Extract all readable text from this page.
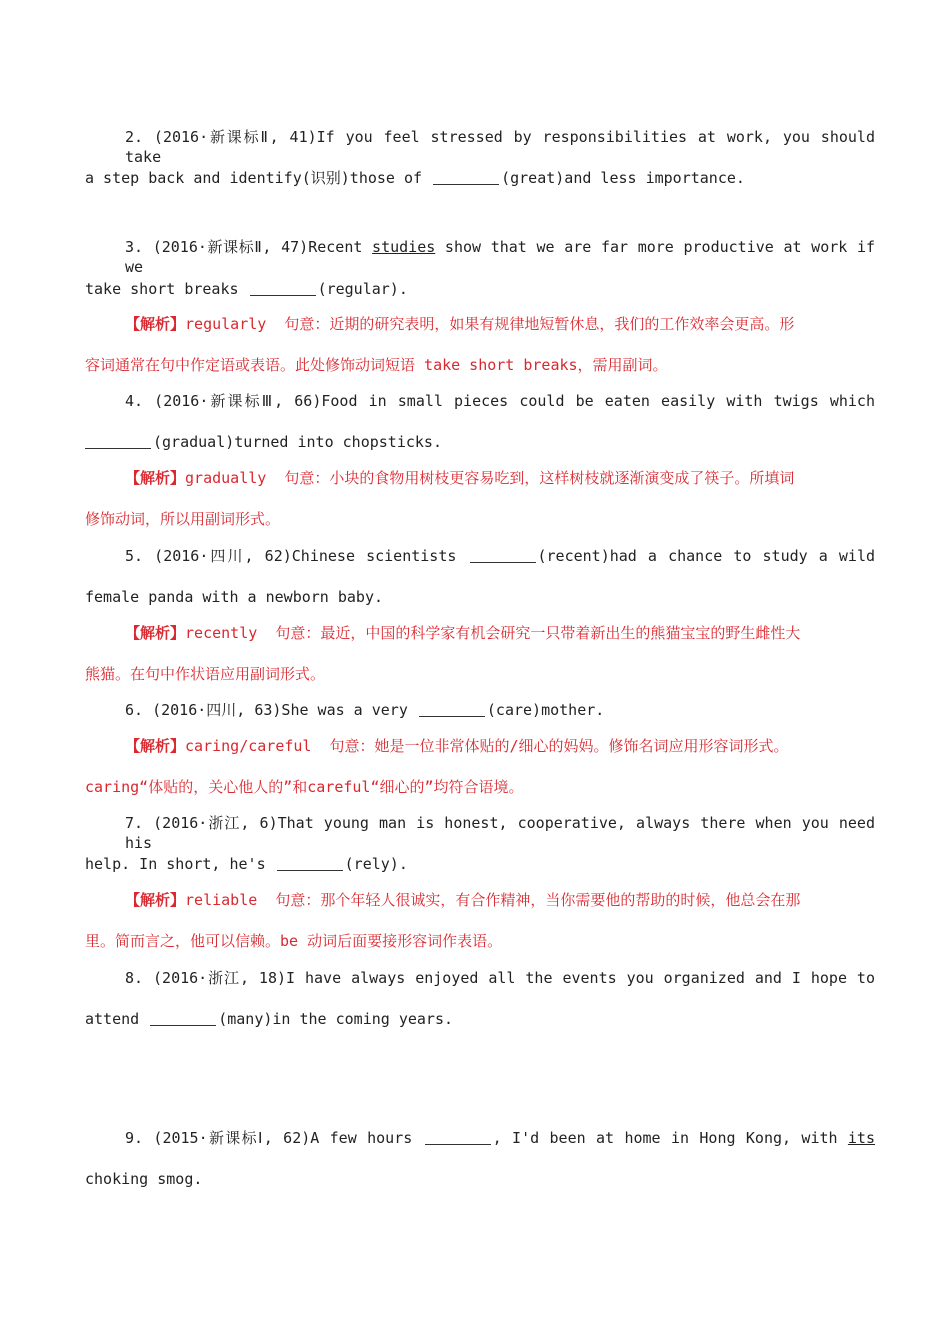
2. (2016·新课标Ⅱ, 41)If you feel stressed by responsibilities at work, you should take
a step back and identify(识别)those of	(great)and less importance.
3. (2016·新课标Ⅱ, 47)Recent studies show that we are far more productive at work if we
take short breaks	(regular).
【解析】regularly  句意：近期的研究表明，如果有规律地短暂休息，我们的工作效率会更高。形
容词通常在句中作定语或表语。此处修饰动词短语 take short breaks，需用副词。
4. (2016·新课标Ⅲ, 66)Food in small pieces could be eaten easily with twigs which
(gradual)turned into chopsticks.
【解析】gradually  句意：小块的食物用树枝更容易吃到，这样树枝就逐渐演变成了筷子。所填词
修饰动词，所以用副词形式。
5. (2016·四川, 62)Chinese scientists	(recent)had a chance to study a wild
female panda with a newborn baby.
【解析】recently  句意：最近，中国的科学家有机会研究一只带着新出生的熊猫宝宝的野生雌性大
熊猫。在句中作状语应用副词形式。
6. (2016·四川, 63)She was a very	(care)mother.
【解析】caring/careful  句意：她是一位非常体贴的/细心的妈妈。修饰名词应用形容词形式。
caring“体贴的，关心他人的”和careful“细心的”均符合语境。
7. (2016·浙江, 6)That young man is honest, cooperative, always there when you need his
help. In short, he's	(rely).
【解析】reliable  句意：那个年轻人很诚实，有合作精神，当你需要他的帮助的时候，他总会在那
里。简而言之，他可以信赖。be 动词后面要接形容词作表语。
8. (2016·浙江, 18)I have always enjoyed all the events you organized and I hope to
attend	(many)in the coming years.
9. (2015·新课标Ⅰ, 62)A few hours	, I'd been at home in Hong Kong, with its
choking smog.
